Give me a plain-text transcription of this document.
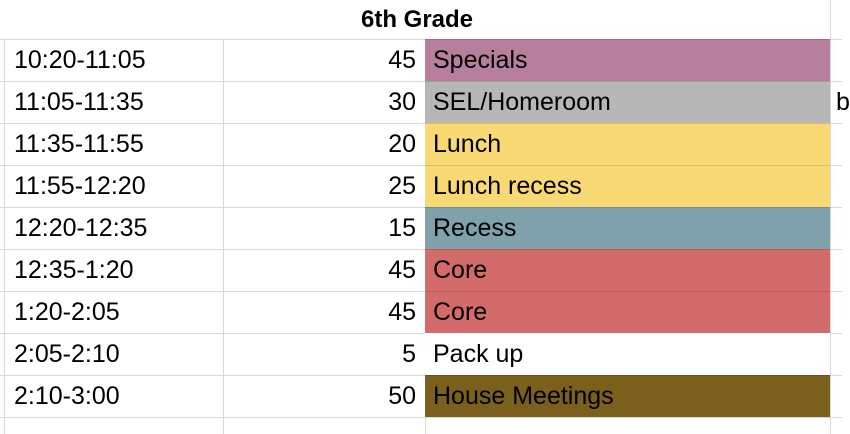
6th Grade
10:20-11:05	45 Specials
11:05-11:35	30 SEL/Homeroom	b
11:35-11:55	20 Lunch
11:55-12:20	25 Lunch recess
12:20-12:35	15 Recess
12:35-1:20	45 Core
1:20-2:05	45 Core
2:05-2:10	5 Pack up
2:10-3:00	50 House Meetings
